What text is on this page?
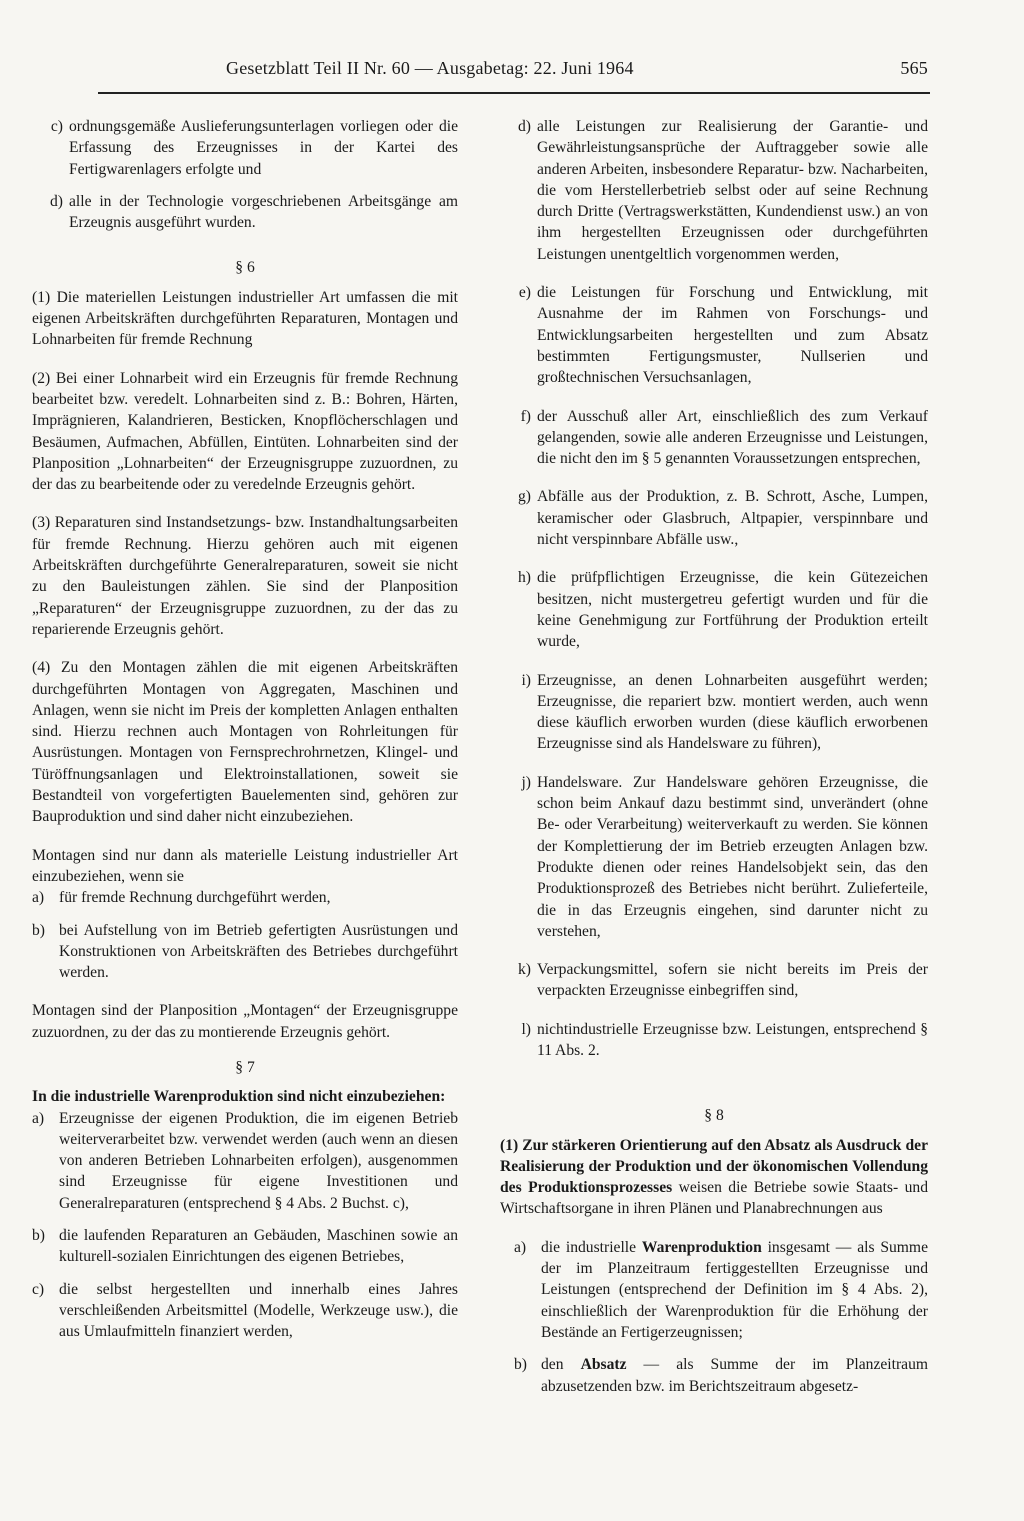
Gesetzblatt Teil II Nr. 60 — Ausgabetag: 22. Juni 1964	565
c) ordnungsgemäße Auslieferungsunterlagen vorliegen oder die Erfassung des Erzeugnisses in der Kartei des Fertigwarenlagers erfolgte und
d) alle in der Technologie vorgeschriebenen Arbeitsgänge am Erzeugnis ausgeführt wurden.

§ 6

(1) Die materiellen Leistungen industrieller Art umfassen die mit eigenen Arbeitskräften durchgeführten Reparaturen, Montagen und Lohnarbeiten für fremde Rechnung

(2) Bei einer Lohnarbeit wird ein Erzeugnis für fremde Rechnung bearbeitet bzw. veredelt. Lohnarbeiten sind z. B.: Bohren, Härten, Imprägnieren, Kalandrieren, Besticken, Knopflöcherschlagen und Besäumen, Aufmachen, Abfüllen, Eintüten. Lohnarbeiten sind der Planposition „Lohnarbeiten“ der Erzeugnisgruppe zuzuordnen, zu der das zu bearbeitende oder zu veredelnde Erzeugnis gehört.

(3) Reparaturen sind Instandsetzungs- bzw. Instandhaltungsarbeiten für fremde Rechnung. Hierzu gehören auch mit eigenen Arbeitskräften durchgeführte Generalreparaturen, soweit sie nicht zu den Bauleistungen zählen. Sie sind der Planposition „Reparaturen“ der Erzeugnisgruppe zuzuordnen, zu der das zu reparierende Erzeugnis gehört.

(4) Zu den Montagen zählen die mit eigenen Arbeitskräften durchgeführten Montagen von Aggregaten, Maschinen und Anlagen, wenn sie nicht im Preis der kompletten Anlagen enthalten sind. Hierzu rechnen auch Montagen von Rohrleitungen für Ausrüstungen. Montagen von Fernsprechrohrnetzen, Klingel- und Türöffnungsanlagen und Elektroinstallationen, soweit sie Bestandteil von vorgefertigten Bauelementen sind, gehören zur Bauproduktion und sind daher nicht einzubeziehen.

Montagen sind nur dann als materielle Leistung industrieller Art einzubeziehen, wenn sie

a) für fremde Rechnung durchgeführt werden,
b) bei Aufstellung von im Betrieb gefertigten Ausrüstungen und Konstruktionen von Arbeitskräften des Betriebes durchgeführt werden.

Montagen sind der Planposition „Montagen“ der Erzeugnisgruppe zuzuordnen, zu der das zu montierende Erzeugnis gehört.

§ 7

In die industrielle Warenproduktion sind nicht einzubeziehen:

a) Erzeugnisse der eigenen Produktion, die im eigenen Betrieb weiterverarbeitet bzw. verwendet werden (auch wenn an diesen von anderen Betrieben Lohnarbeiten erfolgen), ausgenommen sind Erzeugnisse für eigene Investitionen und Generalreparaturen (entsprechend § 4 Abs. 2 Buchst. c),
b) die laufenden Reparaturen an Gebäuden, Maschinen sowie an kulturell-sozialen Einrichtungen des eigenen Betriebes,
c) die selbst hergestellten und innerhalb eines Jahres verschleißenden Arbeitsmittel (Modelle, Werkzeuge usw.), die aus Umlaufmitteln finanziert werden,
d) alle Leistungen zur Realisierung der Garantie- und Gewährleistungsansprüche der Auftraggeber sowie alle anderen Arbeiten, insbesondere Reparatur- bzw. Nacharbeiten, die vom Herstellerbetrieb selbst oder auf seine Rechnung durch Dritte (Vertragswerkstätten, Kundendienst usw.) an von ihm hergestellten Erzeugnissen oder durchgeführten Leistungen unentgeltlich vorgenommen werden,
e) die Leistungen für Forschung und Entwicklung, mit Ausnahme der im Rahmen von Forschungs- und Entwicklungsarbeiten hergestellten und zum Absatz bestimmten Fertigungsmuster, Nullserien und großtechnischen Versuchsanlagen,
f) der Ausschuß aller Art, einschließlich des zum Verkauf gelangenden, sowie alle anderen Erzeugnisse und Leistungen, die nicht den im § 5 genannten Voraussetzungen entsprechen,
g) Abfälle aus der Produktion, z. B. Schrott, Asche, Lumpen, keramischer oder Glasbruch, Altpapier, verspinnbare und nicht verspinnbare Abfälle usw.,
h) die prüfpflichtigen Erzeugnisse, die kein Gütezeichen besitzen, nicht mustergetreu gefertigt wurden und für die keine Genehmigung zur Fortführung der Produktion erteilt wurde,
i) Erzeugnisse, an denen Lohnarbeiten ausgeführt werden; Erzeugnisse, die repariert bzw. montiert werden, auch wenn diese käuflich erworben wurden (diese käuflich erworbenen Erzeugnisse sind als Handelsware zu führen),
j) Handelsware. Zur Handelsware gehören Erzeugnisse, die schon beim Ankauf dazu bestimmt sind, unverändert (ohne Be- oder Verarbeitung) weiterverkauft zu werden. Sie können der Komplettierung der im Betrieb erzeugten Anlagen bzw. Produkte dienen oder reines Handelsobjekt sein, das den Produktionsprozeß des Betriebes nicht berührt. Zulieferteile, die in das Erzeugnis eingehen, sind darunter nicht zu verstehen,
k) Verpackungsmittel, sofern sie nicht bereits im Preis der verpackten Erzeugnisse einbegriffen sind,
l) nichtindustrielle Erzeugnisse bzw. Leistungen, entsprechend § 11 Abs. 2.

§ 8

(1) Zur stärkeren Orientierung auf den Absatz als Ausdruck der Realisierung der Produktion und der ökonomischen Vollendung des Produktionsprozesses weisen die Betriebe sowie Staats- und Wirtschaftsorgane in ihren Plänen und Planabrechnungen aus

a) die industrielle Warenproduktion insgesamt — als Summe der im Planzeitraum fertiggestellten Erzeugnisse und Leistungen (entsprechend der Definition im § 4 Abs. 2), einschließlich der Warenproduktion für die Erhöhung der Bestände an Fertigerzeugnissen;
b) den Absatz — als Summe der im Planzeitraum abzusetzenden bzw. im Berichtszeitraum abgesetz-
